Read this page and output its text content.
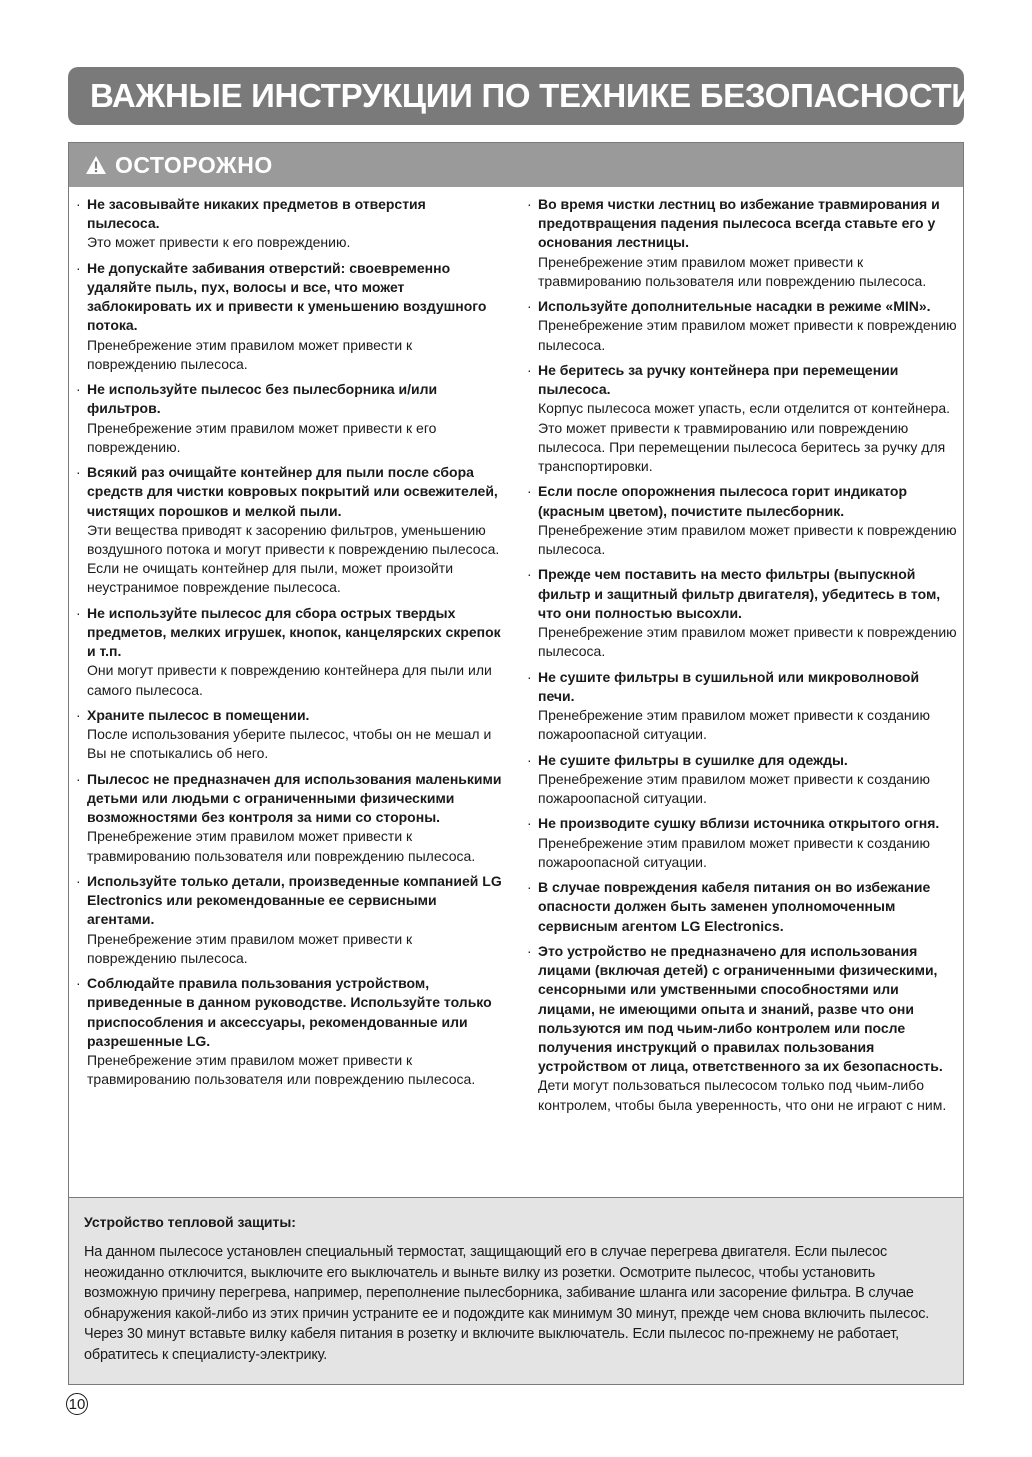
ВАЖНЫЕ ИНСТРУКЦИИ ПО ТЕХНИКЕ БЕЗОПАСНОСТИ
ОСТОРОЖНО
· Не засовывайте никаких предметов в отверстия пылесоса.
Это может привести к его повреждению.
· Не допускайте забивания отверстий: своевременно удаляйте пыль, пух, волосы и все, что может заблокировать их и привести к уменьшению воздушного потока.
Пренебрежение этим правилом может привести к повреждению пылесоса.
· Не используйте пылесос без пылесборника и/или фильтров.
Пренебрежение этим правилом может привести к его повреждению.
· Всякий раз очищайте контейнер для пыли после сбора средств для чистки ковровых покрытий или освежителей, чистящих порошков и мелкой пыли.
Эти вещества приводят к засорению фильтров, уменьшению воздушного потока и могут привести к повреждению пылесоса. Если не очищать контейнер для пыли, может произойти неустранимое повреждение пылесоса.
· Не используйте пылесос для сбора острых твердых предметов, мелких игрушек, кнопок, канцелярских скрепок и т.п.
Они могут привести к повреждению контейнера для пыли или самого пылесоса.
· Храните пылесос в помещении.
После использования уберите пылесос, чтобы он не мешал и Вы не спотыкались об него.
· Пылесос не предназначен для использования маленькими детьми или людьми с ограниченными физическими возможностями без контроля за ними со стороны.
Пренебрежение этим правилом может привести к травмированию пользователя или повреждению пылесоса.
· Используйте только детали, произведенные компанией LG Electronics или рекомендованные ее сервисными агентами.
Пренебрежение этим правилом может привести к повреждению пылесоса.
· Соблюдайте правила пользования устройством, приведенные в данном руководстве. Используйте только приспособления и аксессуары, рекомендованные или разрешенные LG.
Пренебрежение этим правилом может привести к травмированию пользователя или повреждению пылесоса.
· Во время чистки лестниц во избежание травмирования и предотвращения падения пылесоса всегда ставьте его у основания лестницы.
Пренебрежение этим правилом может привести к травмированию пользователя или повреждению пылесоса.
· Используйте дополнительные насадки в режиме «MIN».
Пренебрежение этим правилом может привести к повреждению пылесоса.
· Не беритесь за ручку контейнера при перемещении пылесоса.
Корпус пылесоса может упасть, если отделится от контейнера. Это может привести к травмированию или повреждению пылесоса. При перемещении пылесоса беритесь за ручку для транспортировки.
· Если после опорожнения пылесоса горит индикатор (красным цветом), почистите пылесборник.
Пренебрежение этим правилом может привести к повреждению пылесоса.
· Прежде чем поставить на место фильтры (выпускной фильтр и защитный фильтр двигателя), убедитесь в том, что они полностью высохли.
Пренебрежение этим правилом может привести к повреждению пылесоса.
· Не сушите фильтры в сушильной или микроволновой печи.
Пренебрежение этим правилом может привести к созданию пожароопасной ситуации.
· Не сушите фильтры в сушилке для одежды.
Пренебрежение этим правилом может привести к созданию пожароопасной ситуации.
· Не производите сушку вблизи источника открытого огня.
Пренебрежение этим правилом может привести к созданию пожароопасной ситуации.
· В случае повреждения кабеля питания он во избежание опасности должен быть заменен уполномоченным сервисным агентом LG Electronics.
· Это устройство не предназначено для использования лицами (включая детей) с ограниченными физическими, сенсорными или умственными способностями или лицами, не имеющими опыта и знаний, разве что они пользуются им под чьим-либо контролем или после получения инструкций о правилах пользования устройством от лица, ответственного за их безопасность.
Дети могут пользоваться пылесосом только под чьим-либо контролем, чтобы была уверенность, что они не играют с ним.
Устройство тепловой защиты:
На данном пылесосе установлен специальный термостат, защищающий его в случае перегрева двигателя. Если пылесос неожиданно отключится, выключите его выключатель и выньте вилку из розетки. Осмотрите пылесос, чтобы установить возможную причину перегрева, например, переполнение пылесборника, забивание шланга или засорение фильтра. В случае обнаружения какой-либо из этих причин устраните ее и подождите как минимум 30 минут, прежде чем снова включить пылесос. Через 30 минут вставьте вилку кабеля питания в розетку и включите выключатель. Если пылесос по-прежнему не работает, обратитесь к специалисту-электрику.
10
